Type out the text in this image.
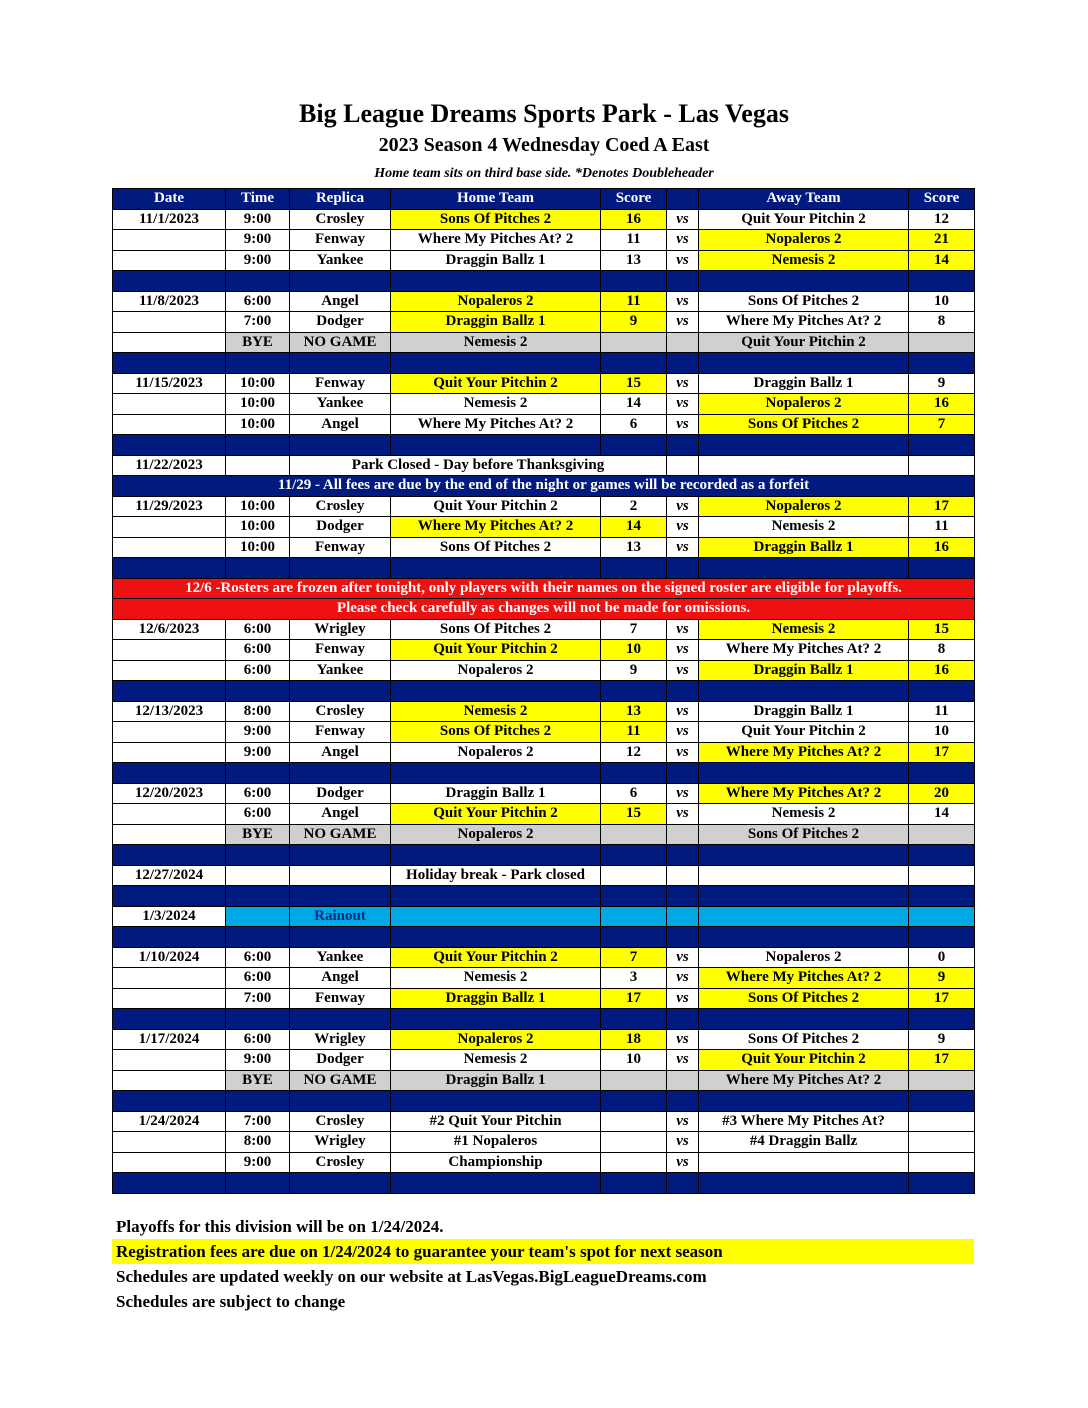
Big League Dreams Sports Park - Las Vegas
2023 Season 4 Wednesday Coed A East
Home team sits on third base side. *Denotes Doubleheader
Date	Time	Replica	Home Team	Score		Away Team	Score
11/1/2023	9:00	Crosley	Sons Of Pitches 2	16	vs	Quit Your Pitchin 2	12
	9:00	Fenway	Where My Pitches At? 2	11	vs	Nopaleros 2	21
	9:00	Yankee	Draggin Ballz 1	13	vs	Nemesis 2	14

11/8/2023	6:00	Angel	Nopaleros 2	11	vs	Sons Of Pitches 2	10
	7:00	Dodger	Draggin Ballz 1	9	vs	Where My Pitches At? 2	8
	BYE	NO GAME	Nemesis 2			Quit Your Pitchin 2	

11/15/2023	10:00	Fenway	Quit Your Pitchin 2	15	vs	Draggin Ballz 1	9
	10:00	Yankee	Nemesis 2	14	vs	Nopaleros 2	16
	10:00	Angel	Where My Pitches At? 2	6	vs	Sons Of Pitches 2	7

11/22/2023		Park Closed - Day before Thanksgiving					
11/29 - All fees are due by the end of the night or games will be recorded as a forfeit							
11/29/2023	10:00	Crosley	Quit Your Pitchin 2	2	vs	Nopaleros 2	17
	10:00	Dodger	Where My Pitches At? 2	14	vs	Nemesis 2	11
	10:00	Fenway	Sons Of Pitches 2	13	vs	Draggin Ballz 1	16

12/6 -Rosters are frozen after tonight, only players with their names on the signed roster are eligible for playoffs.							
Please check carefully as changes will not be made for omissions.							
12/6/2023	6:00	Wrigley	Sons Of Pitches 2	7	vs	Nemesis 2	15
	6:00	Fenway	Quit Your Pitchin 2	10	vs	Where My Pitches At? 2	8
	6:00	Yankee	Nopaleros 2	9	vs	Draggin Ballz 1	16

12/13/2023	8:00	Crosley	Nemesis 2	13	vs	Draggin Ballz 1	11
	9:00	Fenway	Sons Of Pitches 2	11	vs	Quit Your Pitchin 2	10
	9:00	Angel	Nopaleros 2	12	vs	Where My Pitches At? 2	17

12/20/2023	6:00	Dodger	Draggin Ballz 1	6	vs	Where My Pitches At? 2	20
	6:00	Angel	Quit Your Pitchin 2	15	vs	Nemesis 2	14
	BYE	NO GAME	Nopaleros 2			Sons Of Pitches 2	

12/27/2024			Holiday break - Park closed				

1/3/2024		Rainout					

1/10/2024	6:00	Yankee	Quit Your Pitchin 2	7	vs	Nopaleros 2	0
	6:00	Angel	Nemesis 2	3	vs	Where My Pitches At? 2	9
	7:00	Fenway	Draggin Ballz 1	17	vs	Sons Of Pitches 2	17

1/17/2024	6:00	Wrigley	Nopaleros 2	18	vs	Sons Of Pitches 2	9
	9:00	Dodger	Nemesis 2	10	vs	Quit Your Pitchin 2	17
	BYE	NO GAME	Draggin Ballz 1			Where My Pitches At? 2	

1/24/2024	7:00	Crosley	#2 Quit Your Pitchin		vs	#3 Where My Pitches At?	
	8:00	Wrigley	#1 Nopaleros		vs	#4 Draggin Ballz	
	9:00	Crosley	Championship		vs		

Playoffs for this division will be on 1/24/2024.
Registration fees are due on 1/24/2024 to guarantee your team's spot for next season
Schedules are updated weekly on our website at LasVegas.BigLeagueDreams.com
Schedules are subject to change
